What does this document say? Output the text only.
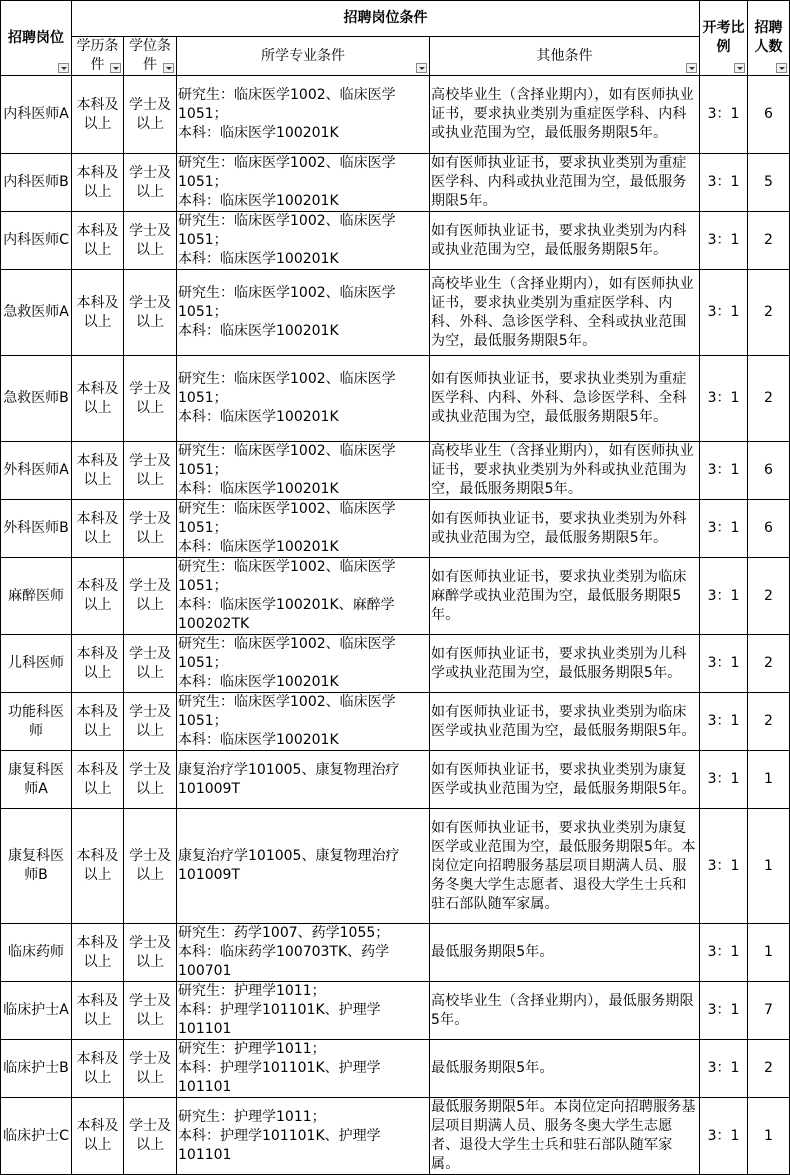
招聘岗位	招聘岗位条件				开考比例	招聘人数

	学历条件	学位条件	所学专业条件	其他条件		

内科医师A	本科及以上	学士及以上	研究生：临床医学1002、临床医学1051；
本科：临床医学100201K	高校毕业生（含择业期内），如有医师执业证书，要求执业类别为重症医学科、内科或执业范围为空，最低服务期限5年。	3：1	6
内科医师B	本科及以上	学士及以上	研究生：临床医学1002、临床医学1051；
本科：临床医学100201K	如有医师执业证书，要求执业类别为重症医学科、内科或执业范围为空，最低服务期限5年。	3：1	5
内科医师C	本科及以上	学士及以上	研究生：临床医学1002、临床医学1051；
本科：临床医学100201K	如有医师执业证书，要求执业类别为内科或执业范围为空，最低服务期限5年。	3：1	2
急救医师A	本科及以上	学士及以上	研究生：临床医学1002、临床医学1051；
本科：临床医学100201K	高校毕业生（含择业期内），如有医师执业证书，要求执业类别为重症医学科、内科、外科、急诊医学科、全科或执业范围为空，最低服务期限5年。	3：1	2
急救医师B	本科及以上	学士及以上	研究生：临床医学1002、临床医学1051；
本科：临床医学100201K	如有医师执业证书，要求执业类别为重症医学科、内科、外科、急诊医学科、全科或执业范围为空，最低服务期限5年。	3：1	2
外科医师A	本科及以上	学士及以上	研究生：临床医学1002、临床医学1051；
本科：临床医学100201K	高校毕业生（含择业期内），如有医师执业证书，要求执业类别为外科或执业范围为空，最低服务期限5年。	3：1	6
外科医师B	本科及以上	学士及以上	研究生：临床医学1002、临床医学1051；
本科：临床医学100201K	如有医师执业证书，要求执业类别为外科或执业范围为空，最低服务期限5年。	3：1	6
麻醉医师	本科及以上	学士及以上	研究生：临床医学1002、临床医学1051；
本科：临床医学100201K、麻醉学100202TK	如有医师执业证书，要求执业类别为临床麻醉学或执业范围为空，最低服务期限5年。	3：1	2
儿科医师	本科及以上	学士及以上	研究生：临床医学1002、临床医学1051；
本科：临床医学100201K	如有医师执业证书，要求执业类别为儿科学或执业范围为空，最低服务期限5年。	3：1	2
功能科医师	本科及以上	学士及以上	研究生：临床医学1002、临床医学1051；
本科：临床医学100201K	如有医师执业证书，要求执业类别为临床医学或执业范围为空，最低服务期限5年。	3：1	2
康复科医师A	本科及以上	学士及以上	康复治疗学101005、康复物理治疗101009T	如有医师执业证书，要求执业类别为康复医学或执业范围为空，最低服务期限5年。	3：1	1
康复科医师B	本科及以上	学士及以上	康复治疗学101005、康复物理治疗101009T	如有医师执业证书，要求执业类别为康复医学或业范围为空，最低服务期限5年。本岗位定向招聘服务基层项目期满人员、服务冬奥大学生志愿者、退役大学生士兵和驻石部队随军家属。	3：1	1
临床药师	本科及以上	学士及以上	研究生：药学1007、药学1055；
本科：临床药学100703TK、药学100701	最低服务期限5年。	3：1	1
临床护士A	本科及以上	学士及以上	研究生：护理学1011；
本科：护理学101101K、护理学101101	高校毕业生（含择业期内），最低服务期限5年。	3：1	7
临床护士B	本科及以上	学士及以上	研究生：护理学1011；
本科：护理学101101K、护理学101101	最低服务期限5年。	3：1	2
临床护士C	本科及以上	学士及以上	研究生：护理学1011；
本科：护理学101101K、护理学101101	最低服务期限5年。本岗位定向招聘服务基层项目期满人员、服务冬奥大学生志愿者、退役大学生士兵和驻石部队随军家属。	3：1	1
